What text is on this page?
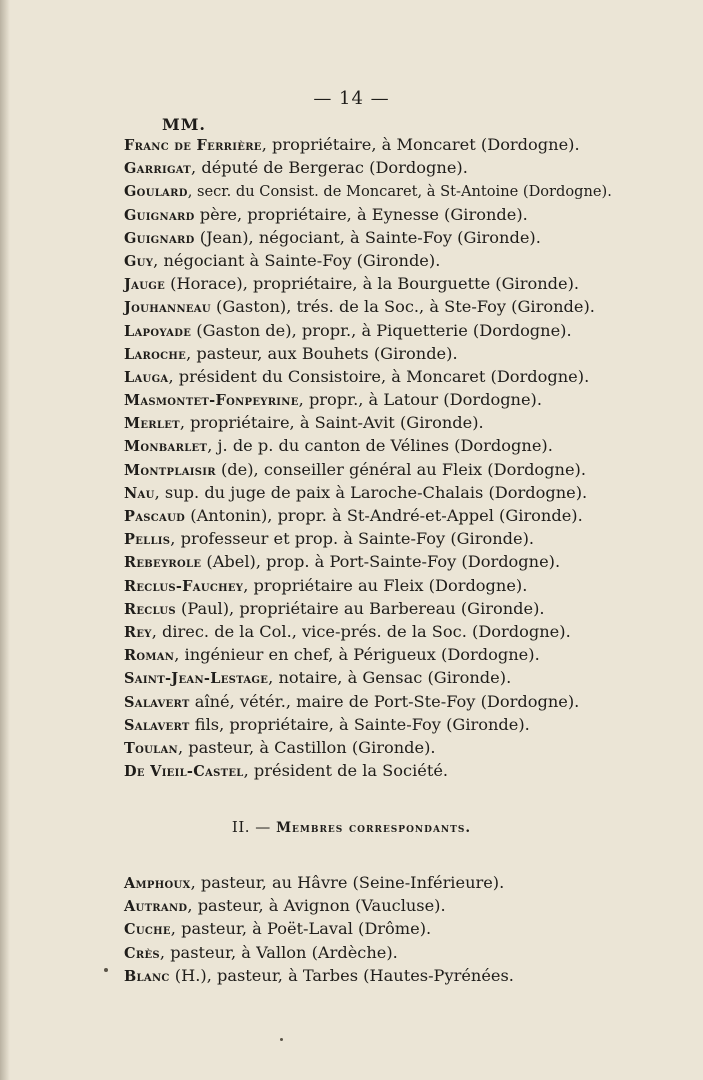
— 14 —
MM.
Franc de Ferrière, propriétaire, à Moncaret (Dordogne).
Garrigat, député de Bergerac (Dordogne).
Goulard, secr. du Consist. de Moncaret, à St-Antoine (Dordogne).
Guignard père, propriétaire, à Eynesse (Gironde).
Guignard (Jean), négociant, à Sainte-Foy (Gironde).
Guy, négociant à Sainte-Foy (Gironde).
Jauge (Horace), propriétaire, à la Bourguette (Gironde).
Jouhanneau (Gaston), trés. de la Soc., à Ste-Foy (Gironde).
Lapoyade (Gaston de), propr., à Piquetterie (Dordogne).
Laroche, pasteur, aux Bouhets (Gironde).
Lauga, président du Consistoire, à Moncaret (Dordogne).
Masmontet-Fonpeyrine, propr., à Latour (Dordogne).
Merlet, propriétaire, à Saint-Avit (Gironde).
Monbarlet, j. de p. du canton de Vélines (Dordogne).
Montplaisir (de), conseiller général au Fleix (Dordogne).
Nau, sup. du juge de paix à Laroche-Chalais (Dordogne).
Pascaud (Antonin), propr. à St-André-et-Appel (Gironde).
Pellis, professeur et prop. à Sainte-Foy (Gironde).
Rebeyrole (Abel), prop. à Port-Sainte-Foy (Dordogne).
Reclus-Fauchey, propriétaire au Fleix (Dordogne).
Reclus (Paul), propriétaire au Barbereau (Gironde).
Rey, direc. de la Col., vice-prés. de la Soc. (Dordogne).
Roman, ingénieur en chef, à Périgueux (Dordogne).
Saint-Jean-Lestage, notaire, à Gensac (Gironde).
Salavert aîné, vétér., maire de Port-Ste-Foy (Dordogne).
Salavert fils, propriétaire, à Sainte-Foy (Gironde).
Toulan, pasteur, à Castillon (Gironde).
De Vieil-Castel, président de la Société.
II. — Membres correspondants.
Amphoux, pasteur, au Hâvre (Seine-Inférieure).
Autrand, pasteur, à Avignon (Vaucluse).
Cuche, pasteur, à Poët-Laval (Drôme).
Crès, pasteur, à Vallon (Ardèche).
Blanc (H.), pasteur, à Tarbes (Hautes-Pyrénées.
